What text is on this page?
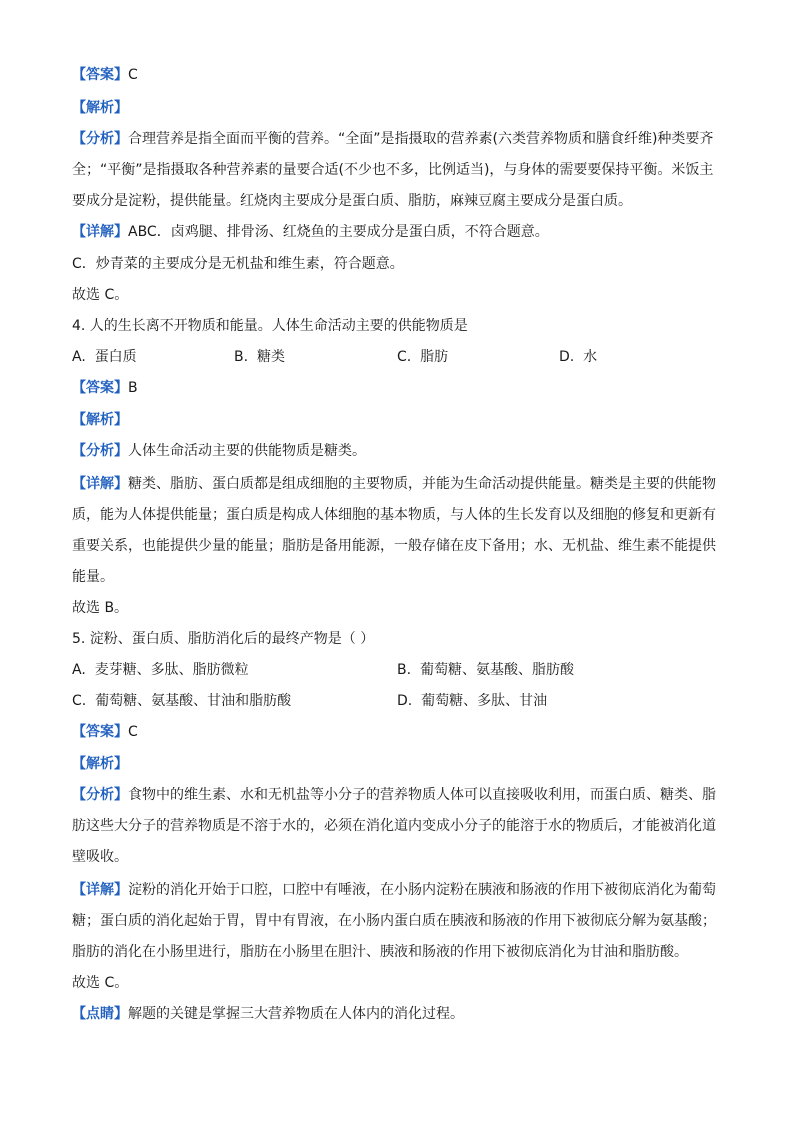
【答案】C
【解析】
【分析】合理营养是指全面而平衡的营养。“全面”是指摄取的营养素(六类营养物质和膳食纤维)种类要齐
全；“平衡”是指摄取各种营养素的量要合适(不少也不多，比例适当)，与身体的需要要保持平衡。米饭主
要成分是淀粉，提供能量。红烧肉主要成分是蛋白质、脂肪，麻辣豆腐主要成分是蛋白质。
【详解】ABC．卤鸡腿、排骨汤、红烧鱼的主要成分是蛋白质，不符合题意。
C．炒青菜的主要成分是无机盐和维生素，符合题意。
故选 C。
4. 人的生长离不开物质和能量。人体生命活动主要的供能物质是
A. 蛋白质	B. 糖类	C. 脂肪	D. 水
【答案】B
【解析】
【分析】人体生命活动主要的供能物质是糖类。
【详解】糖类、脂肪、蛋白质都是组成细胞的主要物质，并能为生命活动提供能量。糖类是主要的供能物
质，能为人体提供能量；蛋白质是构成人体细胞的基本物质，与人体的生长发育以及细胞的修复和更新有
重要关系，也能提供少量的能量；脂肪是备用能源，一般存储在皮下备用；水、无机盐、维生素不能提供
能量。
故选 B。
5. 淀粉、蛋白质、脂肪消化后的最终产物是（ ）
A. 麦芽糖、多肽、脂肪微粒	B. 葡萄糖、氨基酸、脂肪酸
C. 葡萄糖、氨基酸、甘油和脂肪酸	D. 葡萄糖、多肽、甘油
【答案】C
【解析】
【分析】食物中的维生素、水和无机盐等小分子的营养物质人体可以直接吸收利用，而蛋白质、糖类、脂
肪这些大分子的营养物质是不溶于水的，必须在消化道内变成小分子的能溶于水的物质后，才能被消化道
壁吸收。
【详解】淀粉的消化开始于口腔，口腔中有唾液，在小肠内淀粉在胰液和肠液的作用下被彻底消化为葡萄
糖；蛋白质的消化起始于胃，胃中有胃液，在小肠内蛋白质在胰液和肠液的作用下被彻底分解为氨基酸；
脂肪的消化在小肠里进行，脂肪在小肠里在胆汁、胰液和肠液的作用下被彻底消化为甘油和脂肪酸。
故选 C。
【点睛】解题的关键是掌握三大营养物质在人体内的消化过程。
